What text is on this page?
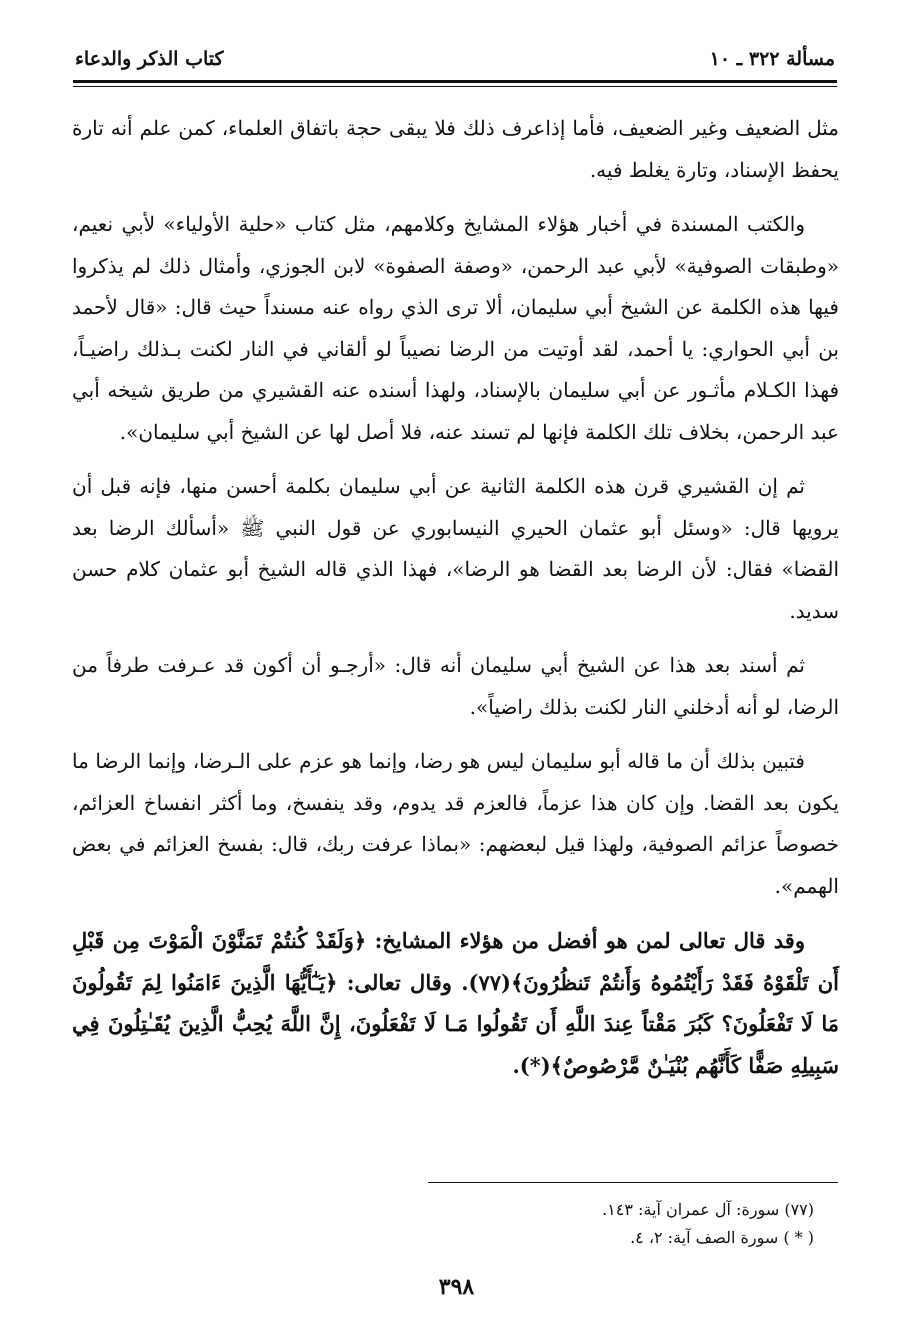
مسألة ٣٢٢ ـ ١٠
كتاب الذكر والدعاء

مثل الضعيف وغير الضعيف، فأما إذاعرف ذلك فلا يبقى حجة باتفاق العلماء، كمن علم أنه تارة يحفظ الإسناد، وتارة يغلط فيه.

والكتب المسندة في أخبار هؤلاء المشايخ وكلامهم، مثل كتاب «حلية الأولياء» لأبي نعيم، «وطبقات الصوفية» لأبي عبد الرحمن، «وصفة الصفوة» لابن الجوزي، وأمثال ذلك لم يذكروا فيها هذه الكلمة عن الشيخ أبي سليمان، ألا ترى الذي رواه عنه مسنداً حيث قال: «قال لأحمد بن أبي الحواري: يا أحمد، لقد أوتيت من الرضا نصيباً لو ألقاني في النار لكنت بـذلك راضيـاً، فهذا الكـلام مأثـور عن أبي سليمان بالإسناد، ولهذا أسنده عنه القشيري من طريق شيخه أبي عبد الرحمن، بخلاف تلك الكلمة فإنها لم تسند عنه، فلا أصل لها عن الشيخ أبي سليمان».

ثم إن القشيري قرن هذه الكلمة الثانية عن أبي سليمان بكلمة أحسن منها، فإنه قبل أن يرويها قال: «وسئل أبو عثمان الحيري النيسابوري عن قول النبي ﷺ «أسألك الرضا بعد القضا» فقال: لأن الرضا بعد القضا هو الرضا»، فهذا الذي قاله الشيخ أبو عثمان كلام حسن سديد.

ثم أسند بعد هذا عن الشيخ أبي سليمان أنه قال: «أرجـو أن أكون قد عـرفت طرفاً من الرضا، لو أنه أدخلني النار لكنت بذلك راضياً».

فتبين بذلك أن ما قاله أبو سليمان ليس هو رضا، وإنما هو عزم على الـرضا، وإنما الرضا ما يكون بعد القضا. وإن كان هذا عزماً، فالعزم قد يدوم، وقد ينفسخ، وما أكثر انفساخ العزائم، خصوصاً عزائم الصوفية، ولهذا قيل لبعضهم: «بماذا عرفت ربك، قال: بفسخ العزائم في بعض الهمم».

وقد قال تعالى لمن هو أفضل من هؤلاء المشايخ: ﴿وَلَقَدْ كُنتُمْ تَمَنَّوْنَ الْمَوْتَ مِن قَبْلِ أَن تَلْقَوْهُ فَقَدْ رَأَيْتُمُوهُ وَأَنتُمْ تَنظُرُونَ﴾(٧٧). وقال تعالى: ﴿يَـٰٓأَيُّهَا الَّذِينَ ءَامَنُوا لِمَ تَقُولُونَ مَا لَا تَفْعَلُونَ؟ كَبُرَ مَقْتاً عِندَ اللَّهِ أَن تَقُولُوا مَـا لَا تَفْعَلُونَ، إِنَّ اللَّهَ يُحِبُّ الَّذِينَ يُقَـٰتِلُونَ فِي سَبِيلِهِ صَفًّا كَأَنَّهُم بُنْيَـٰنٌ مَّرْصُوصٌ﴾(*).

(٧٧) سورة: آل عمران آية: ١٤٣.
( * ) سورة الصف آية: ٢، ٤.
٣٩٨
